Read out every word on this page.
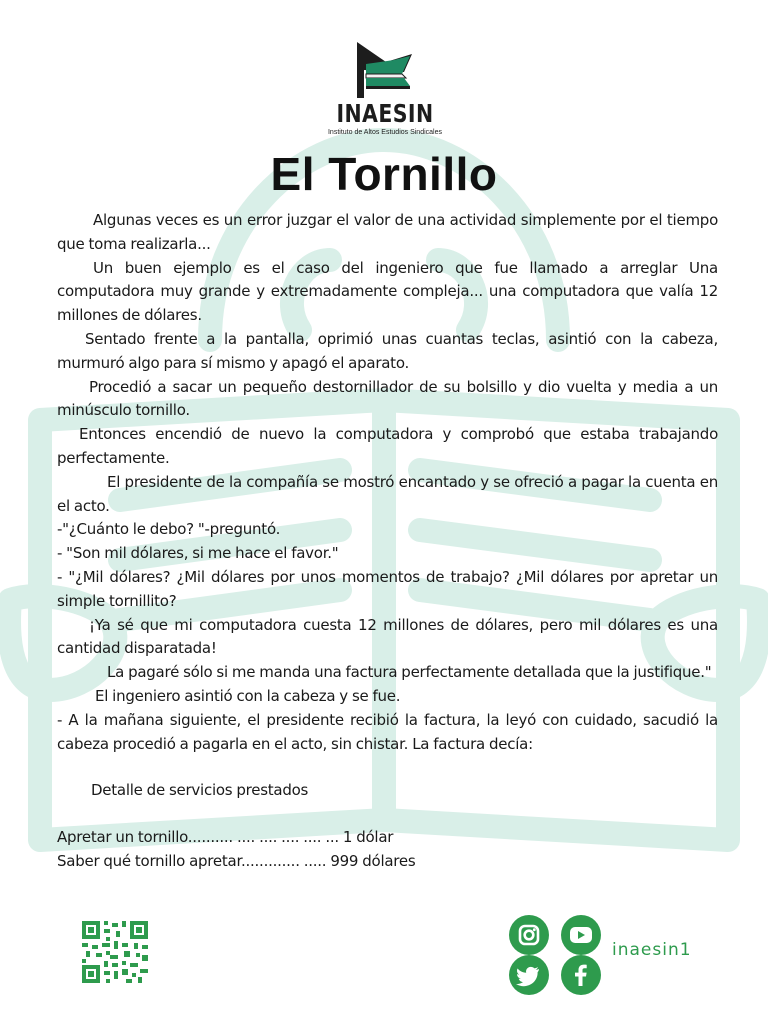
INAESIN
Instituto de Altos Estudios Sindicales
El Tornillo

Algunas veces es un error juzgar el valor de una actividad simplemente por el tiempo que toma realizarla...

Un buen ejemplo es el caso del ingeniero que fue llamado a arreglar Una computadora muy grande y extremadamente compleja... una computadora que valía 12 millones de dólares.

Sentado frente a la pantalla, oprimió unas cuantas teclas, asintió con la cabeza, murmuró algo para sí mismo y apagó el aparato.

Procedió a sacar un pequeño destornillador de su bolsillo y dio vuelta y media a un minúsculo tornillo.

Entonces encendió de nuevo la computadora y comprobó que estaba trabajando perfectamente.

El presidente de la compañía se mostró encantado y se ofreció a pagar la cuenta en el acto.

-"¿Cuánto le debo? "-preguntó.

- "Son mil dólares, si me hace el favor."

- "¿Mil dólares? ¿Mil dólares por unos momentos de trabajo? ¿Mil dólares por apretar un simple tornillito?

¡Ya sé que mi computadora cuesta 12 millones de dólares, pero mil dólares es una cantidad disparatada!

La pagaré sólo si me manda una factura perfectamente detallada que la justifique."

El ingeniero asintió con la cabeza y se fue.

- A la mañana siguiente, el presidente recibió la factura, la leyó con cuidado, sacudió la cabeza procedió a pagarla en el acto, sin chistar. La factura decía:

Detalle de servicios prestados

Apretar un tornillo.......... .... .... .... .... ... 1 dólar

Saber qué tornillo apretar............. ..... 999 dólares

inaesin1
